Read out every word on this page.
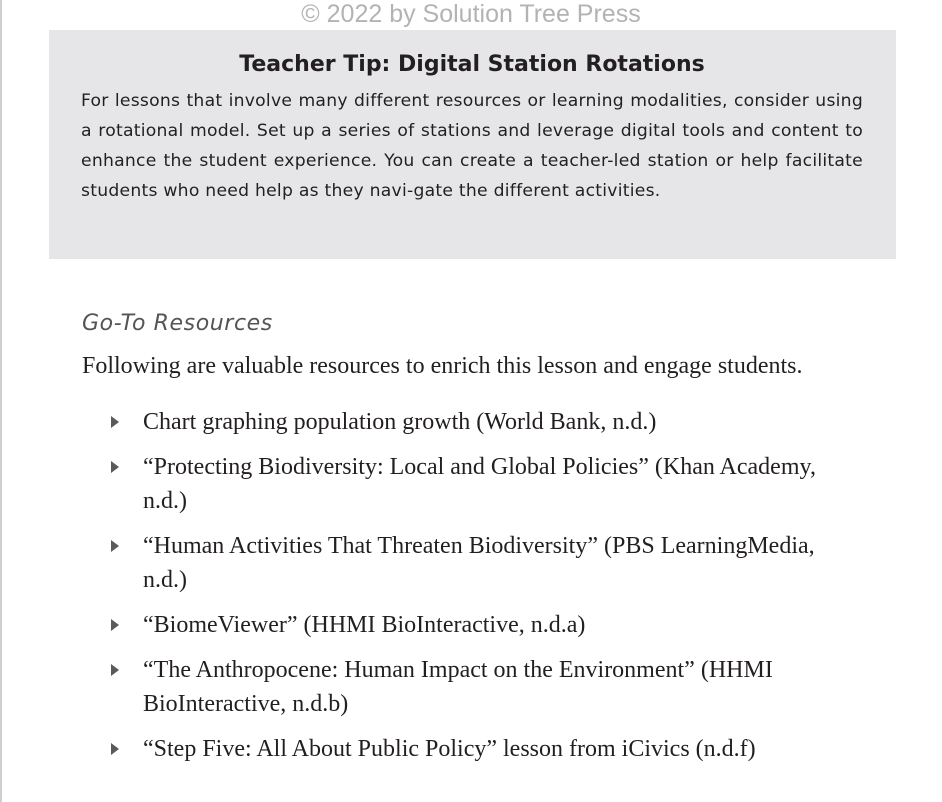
© 2022 by Solution Tree Press
Teacher Tip: Digital Station Rotations
For lessons that involve many different resources or learning modalities, consider using a rotational model. Set up a series of stations and leverage digital tools and content to enhance the student experience. You can create a teacher-led station or help facilitate students who need help as they navi-gate the different activities.
Go-To Resources
Following are valuable resources to enrich this lesson and engage students.
Chart graphing population growth (World Bank, n.d.)
“Protecting Biodiversity: Local and Global Policies” (Khan Academy, n.d.)
“Human Activities That Threaten Biodiversity” (PBS LearningMedia, n.d.)
“BiomeViewer” (HHMI BioInteractive, n.d.a)
“The Anthropocene: Human Impact on the Environment” (HHMI BioInteractive, n.d.b)
“Step Five: All About Public Policy” lesson from iCivics (n.d.f)
